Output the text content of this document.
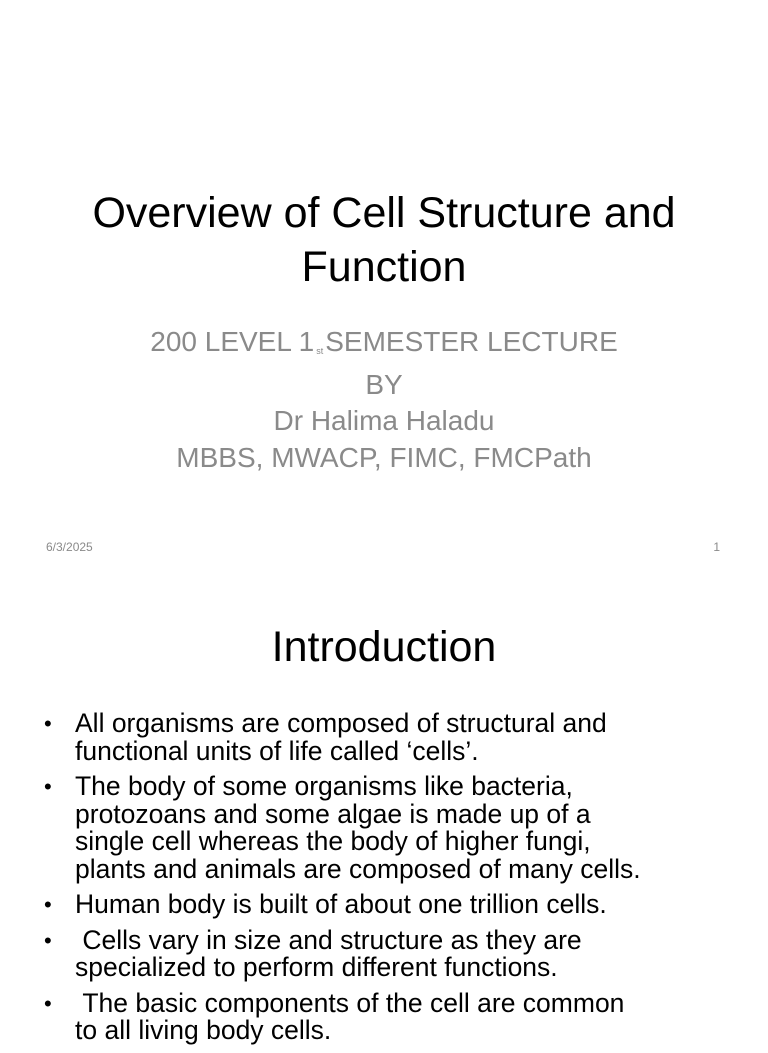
Overview of Cell Structure and
Function
200 LEVEL 1 $^{st}$SEMESTER LECTURE
BY
Dr Halima Haladu
MBBS, MWACP, FIMC, FMCPath
6/3/2025	1
Introduction
• All organisms are composed of structural and
functional units of life called ‘cells’.
• The body of some organisms like bacteria,
protozoans and some algae is made up of a
single cell whereas the body of higher fungi,
plants and animals are composed of many cells.
• Human body is built of about one trillion cells.
• Cells vary in size and structure as they are
specialized to perform different functions.
• The basic components of the cell are common
to all living body cells.
